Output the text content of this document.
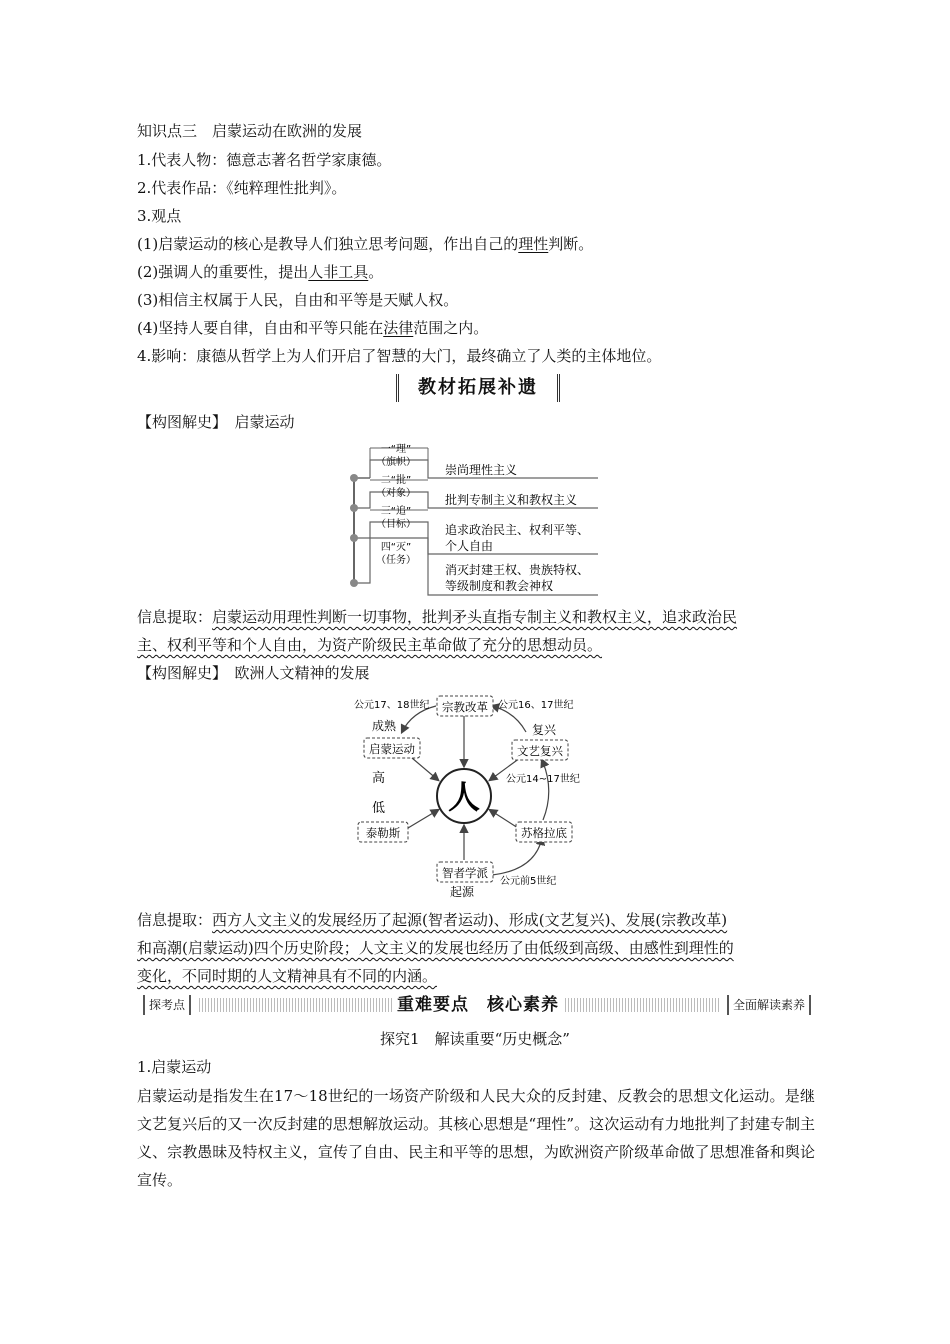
知识点三　启蒙运动在欧洲的发展
1.代表人物：德意志著名哲学家康德。
2.代表作品：《纯粹理性批判》。
3.观点
(1)启蒙运动的核心是教导人们独立思考问题，作出自己的理性判断。
(2)强调人的重要性，提出人非工具。
(3)相信主权属于人民，自由和平等是天赋人权。
(4)坚持人要自律，自由和平等只能在法律范围之内。
4.影响：康德从哲学上为人们开启了智慧的大门，最终确立了人类的主体地位。
教材拓展补遗
【构图解史】　启蒙运动
一“理”
（旗帜）
崇尚理性主义
二“批”
（对象） 批判专制主义和教权主义
三“追”
（目标） 追求政治民主、权利平等、
个人自由
四“灭”
（任务）
消灭封建王权、贵族特权、
等级制度和教会神权
信息提取：启蒙运动用理性判断一切事物，批判矛头直指专制主义和教权主义，追求政治民
主、权利平等和个人自由，为资产阶级民主革命做了充分的思想动员。
【构图解史】　欧洲人文精神的发展
人
宗教改革
启蒙运动	文艺复兴
泰勒斯	苏格拉底
智者学派
公元17、18世纪	公元16、17世纪
成熟	复兴
公元14~17世纪
高
低
公元前5世纪
起源
信息提取：西方人文主义的发展经历了起源(智者运动)、形成(文艺复兴)、发展(宗教改革)
和高潮(启蒙运动)四个历史阶段；人文主义的发展也经历了由低级到高级、由感性到理性的
变化，不同时期的人文精神具有不同的内涵。
探考点	重难要点　核心素养	全面解读素养
探究1　解读重要“历史概念”
1.启蒙运动
启蒙运动是指发生在17～18世纪的一场资产阶级和人民大众的反封建、反教会的思想文化运动。是继文艺复兴后的又一次反封建的思想解放运动。其核心思想是“理性”。这次运动有力地批判了封建专制主义、宗教愚昧及特权主义，宣传了自由、民主和平等的思想，为欧洲资产阶级革命做了思想准备和舆论宣传。
